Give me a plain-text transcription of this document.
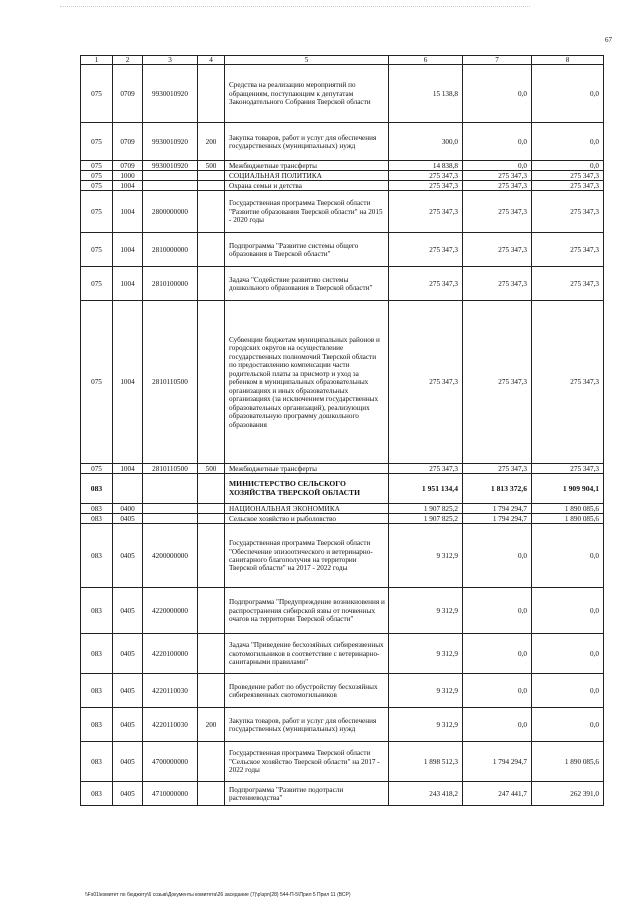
67
1	2	3	4	5	6	7	8
075	0709	9930010920		Средства на реализацию мероприятий по обращениям, поступающим к депутатам Законодательного Собрания Тверской области	15 138,8	0,0	0,0
075	0709	9930010920	200	Закупка товаров, работ и услуг для обеспечения государственных (муниципальных) нужд	300,0	0,0	0,0
075	0709	9930010920	500	Межбюджетные трансферты	14 838,8	0,0	0,0
075	1000			СОЦИАЛЬНАЯ ПОЛИТИКА	275 347,3	275 347,3	275 347,3
075	1004			Охрана семьи и детства	275 347,3	275 347,3	275 347,3
075	1004	2800000000		Государственная программа Тверской области "Развитие образования Тверской области" на 2015 - 2020 годы	275 347,3	275 347,3	275 347,3
075	1004	2810000000		Подпрограмма "Развитие системы общего образования в Тверской области"	275 347,3	275 347,3	275 347,3
075	1004	2810100000		Задача "Содействие развитию системы дошкольного образования в Тверской области"	275 347,3	275 347,3	275 347,3
075	1004	2810110500		Субвенции бюджетам муниципальных районов и городских округов на осуществление государственных полномочий Тверской области по предоставлению компенсации части родительской платы за присмотр и уход за ребенком в муниципальных образовательных организациях и иных образовательных организациях (за исключением государственных образовательных организаций), реализующих образовательную программу дошкольного образования	275 347,3	275 347,3	275 347,3
075	1004	2810110500	500	Межбюджетные трансферты	275 347,3	275 347,3	275 347,3
083				МИНИСТЕРСТВО СЕЛЬСКОГО ХОЗЯЙСТВА ТВЕРСКОЙ ОБЛАСТИ	1 951 134,4	1 813 372,6	1 909 904,1
083	0400			НАЦИОНАЛЬНАЯ ЭКОНОМИКА	1 907 825,2	1 794 294,7	1 890 085,6
083	0405			Сельское хозяйство и рыболовство	1 907 825,2	1 794 294,7	1 890 085,6
083	0405	4200000000		Государственная программа Тверской области "Обеспечение эпизоотического и ветеринарно-санитарного благополучия на территории Тверской области" на 2017 - 2022 годы	9 312,9	0,0	0,0
083	0405	4220000000		Подпрограмма "Предупреждение возникновения и распространения сибирской язвы от почвенных очагов на территории Тверской области"	9 312,9	0,0	0,0
083	0405	4220100000		Задача "Приведение бесхозяйных сибиреязвенных скотомогильников в соответствие с ветеринарно-санитарными правилами"	9 312,9	0,0	0,0
083	0405	4220110030		Проведение работ по обустройству бесхозяйных сибиреязвенных скотомогильников	9 312,9	0,0	0,0
083	0405	4220110030	200	Закупка товаров, работ и услуг для обеспечения государственных (муниципальных) нужд	9 312,9	0,0	0,0
083	0405	4700000000		Государственная программа Тверской области "Сельское хозяйство Тверской области" на 2017 - 2022 годы	1 898 512,3	1 794 294,7	1 890 085,6
083	0405	4710000000		Подпрограмма "Развитие подотрасли растениеводства"	243 418,2	247 441,7	262 391,0
\\Fs01\комитет по бюджету\6 созыв\Документы комитета\26 заседание (7)\р\зрп(28) 544-П-5\Прил 5 Прил 11 (ВСР)
